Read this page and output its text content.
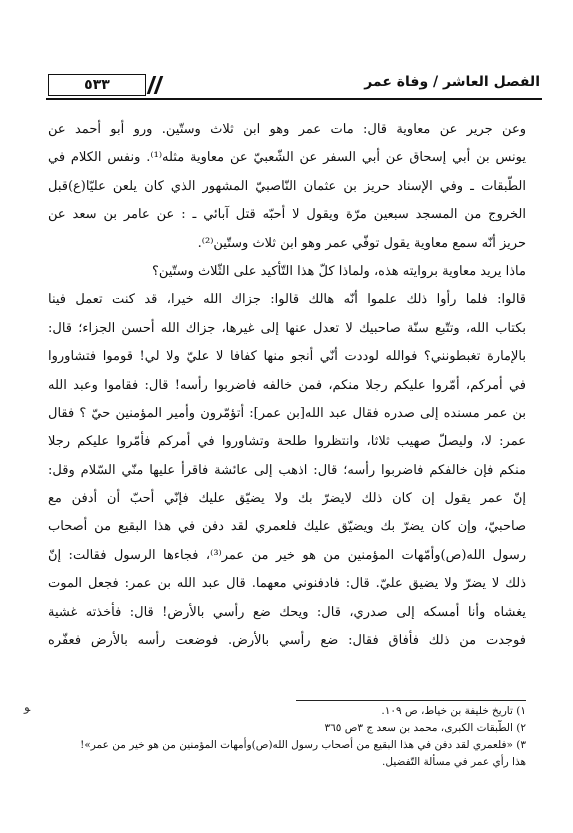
الفصل العاشر / وفاة عمر
٥٣٣
وعن جرير عن معاوية قال: مات عمر وهو ابن ثلاث وستّين. ورو أبو أحمد عن
يونس بن أبي إسحاق عن أبي السفر عن الشّعبيّ عن معاوية مثله⁽¹⁾. ونفس الكلام في
الطّبقات ـ وفي الإسناد حريز بن عثمان النّاصبيّ المشهور الذي كان يلعن عليّا(ع)قبل
الخروج من المسجد سبعين مرّة ويقول لا أحبّه قتل آبائي ـ : عن عامر بن سعد عن
حريز أنّه سمع معاوية يقول توفّي عمر وهو ابن ثلاث وستّين⁽²⁾.
ماذا يريد معاوية بروايته هذه، ولماذا كلّ هذا التّأكيد على الثّلاث وستّين؟
قالوا: فلما رأوا ذلك علموا أنّه هالك قالوا: جزاك الله خيرا، قد كنت تعمل فينا
بكتاب الله، وتتّبع سنّة صاحبيك لا تعدل عنها إلى غيرها، جزاك الله أحسن الجزاء؛ قال:
بالإمارة تغبطونني؟ فوالله لوددت أنّي أنجو منها كفافا لا عليّ ولا لي! قوموا فتشاوروا
في أمركم، أمّروا عليكم رجلا منكم، فمن خالفه فاضربوا رأسه! قال: فقاموا وعبد الله
بن عمر مسنده إلى صدره فقال عبد الله[بن عمر]: أتؤمّرون وأمير المؤمنين حيّ ؟ فقال
عمر: لا، وليصلّ صهيب ثلاثا، وانتظروا طلحة وتشاوروا في أمركم فأمّروا عليكم رجلا
منكم فإن خالفكم فاضربوا رأسه؛ قال: اذهب إلى عائشة فاقرأ عليها منّي السّلام وقل:
إنّ عمر يقول إن كان ذلك لايضرّ بك ولا يضيّق عليك فإنّي أحبّ أن أدفن مع
صاحبيّ، وإن كان يضرّ بك ويضيّق عليك فلعمري لقد دفن في هذا البقيع من أصحاب
رسول الله(ص)وأمّهات المؤمنين من هو خير من عمر⁽³⁾، فجاءها الرسول فقالت: إنّ
ذلك لا يضرّ ولا يضيق عليّ. قال: فادفنوني معهما. قال عبد الله بن عمر: فجعل الموت
يغشاه وأنا أمسكه إلى صدري، قال: ويحك ضع رأسي بالأرض! قال: فأخذته غشية
فوجدت من ذلك فأفاق فقال: ضع رأسي بالأرض. فوضعت رأسه بالأرض فعفّره
١) تاريخ خليفة بن خياط، ص ١٠٩.
٢) الطّبقات الكبرى، محمد بن سعد ج ٣ص ٣٦٥
٣) «فلعمري لقد دفن في هذا البقيع من أصحاب رسول الله(ص)وأمهات المؤمنين من هو خير من عمر»!
هذا رأي عمر في مسألة التّفضيل.
ﻮ
